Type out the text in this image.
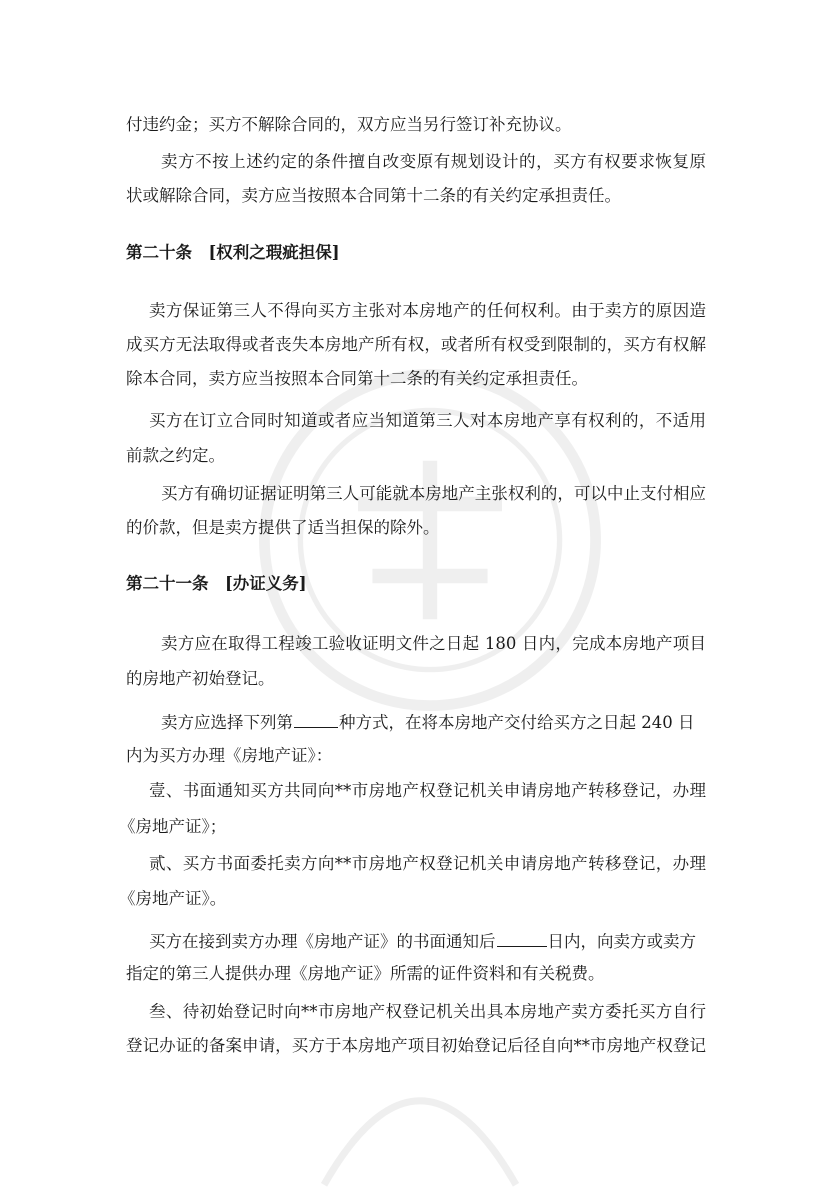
付违约金；买方不解除合同的，双方应当另行签订补充协议。
卖方不按上述约定的条件擅自改变原有规划设计的，买方有权要求恢复原
状或解除合同，卖方应当按照本合同第十二条的有关约定承担责任。
第二十条　[权利之瑕疵担保]
卖方保证第三人不得向买方主张对本房地产的任何权利。由于卖方的原因造
成买方无法取得或者丧失本房地产所有权，或者所有权受到限制的，买方有权解
除本合同，卖方应当按照本合同第十二条的有关约定承担责任。
买方在订立合同时知道或者应当知道第三人对本房地产享有权利的，不适用
前款之约定。
买方有确切证据证明第三人可能就本房地产主张权利的，可以中止支付相应
的价款，但是卖方提供了适当担保的除外。
第二十一条　[办证义务]
卖方应在取得工程竣工验收证明文件之日起 180 日内，完成本房地产项目
的房地产初始登记。
卖方应选择下列第	种方式，在将本房地产交付给买方之日起 240 日
内为买方办理《房地产证》：
壹、书面通知买方共同向**市房地产权登记机关申请房地产转移登记，办理
《房地产证》；
贰、买方书面委托卖方向**市房地产权登记机关申请房地产转移登记，办理
《房地产证》。
买方在接到卖方办理《房地产证》的书面通知后	日内，向卖方或卖方
指定的第三人提供办理《房地产证》所需的证件资料和有关税费。
叁、待初始登记时向**市房地产权登记机关出具本房地产卖方委托买方自行
登记办证的备案申请，买方于本房地产项目初始登记后径自向**市房地产权登记
